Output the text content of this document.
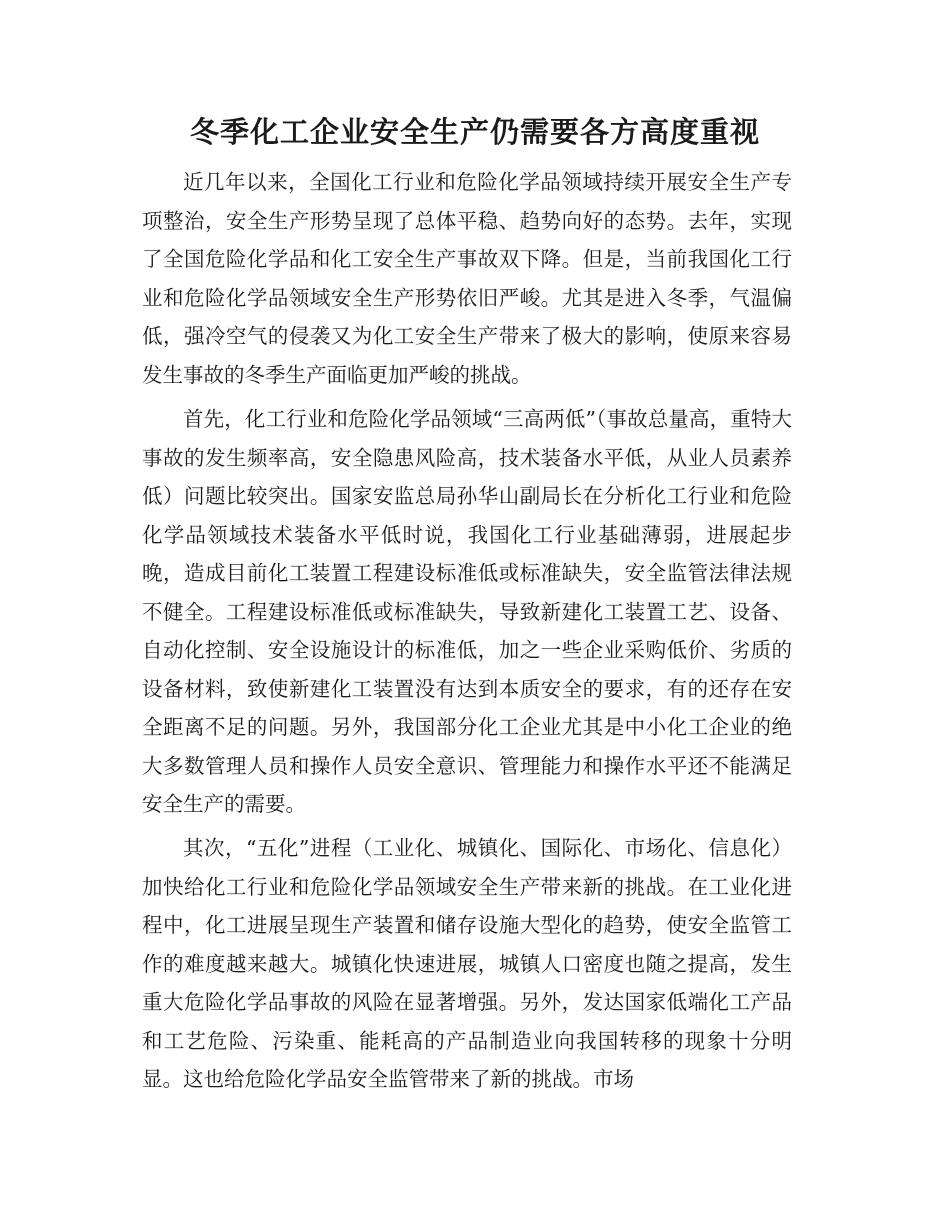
冬季化工企业安全生产仍需要各方高度重视

近几年以来，全国化工行业和危险化学品领域持续开展安全生产专项整治，安全生产形势呈现了总体平稳、趋势向好的态势。去年，实现了全国危险化学品和化工安全生产事故双下降。但是，当前我国化工行业和危险化学品领域安全生产形势依旧严峻。尤其是进入冬季，气温偏低，强冷空气的侵袭又为化工安全生产带来了极大的影响，使原来容易发生事故的冬季生产面临更加严峻的挑战。

首先，化工行业和危险化学品领域“三高两低”（事故总量高，重特大事故的发生频率高，安全隐患风险高，技术装备水平低，从业人员素养低）问题比较突出。国家安监总局孙华山副局长在分析化工行业和危险化学品领域技术装备水平低时说，我国化工行业基础薄弱，进展起步晚，造成目前化工装置工程建设标准低或标准缺失，安全监管法律法规不健全。工程建设标准低或标准缺失，导致新建化工装置工艺、设备、自动化控制、安全设施设计的标准低，加之一些企业采购低价、劣质的设备材料，致使新建化工装置没有达到本质安全的要求，有的还存在安全距离不足的问题。另外，我国部分化工企业尤其是中小化工企业的绝大多数管理人员和操作人员安全意识、管理能力和操作水平还不能满足安全生产的需要。

其次，“五化”进程（工业化、城镇化、国际化、市场化、信息化）加快给化工行业和危险化学品领域安全生产带来新的挑战。在工业化进程中，化工进展呈现生产装置和储存设施大型化的趋势，使安全监管工作的难度越来越大。城镇化快速进展，城镇人口密度也随之提高，发生重大危险化学品事故的风险在显著增强。另外，发达国家低端化工产品和工艺危险、污染重、能耗高的产品制造业向我国转移的现象十分明显。这也给危险化学品安全监管带来了新的挑战。市场
